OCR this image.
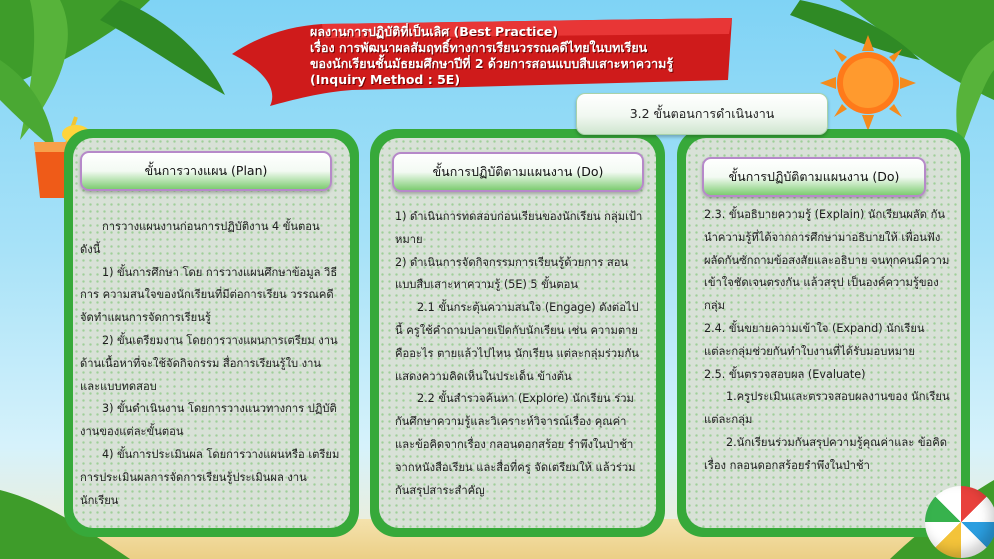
ผลงานการปฏิบัติที่เป็นเลิศ (Best Practice)
เรื่อง การพัฒนาผลสัมฤทธิ์ทางการเรียนวรรณคดีไทยในบทเรียน
ของนักเรียนชั้นมัธยมศึกษาปีที่ 2 ด้วยการสอนแบบสืบเสาะหาความรู้
(Inquiry Method : 5E)

การวางแผนงานก่อนการปฏิบัติงาน 4 ขั้นตอน ดังนี้

1) ขั้นการศึกษา โดย การวางแผนศึกษาข้อมูล วิธีการ ความสนใจของนักเรียนที่มีต่อการเรียน วรรณคดี จัดทำแผนการจัดการเรียนรู้

2) ขั้นเตรียมงาน โดยการวางแผนการเตรียม งานด้านเนื้อหาที่จะใช้จัดกิจกรรม สื่อการเรียนรู้ใบ งาน และแบบทดสอบ

3) ขั้นดำเนินงาน โดยการวางแนวทางการ ปฏิบัติงานของแต่ละขั้นตอน

4) ขั้นการประเมินผล โดยการวางแผนหรือ เตรียมการประเมินผลการจัดการเรียนรู้ประเมินผล งานนักเรียน

ขั้นการวางแผน (Plan)

1) ดำเนินการทดสอบก่อนเรียนของนักเรียน กลุ่มเป้าหมาย

2) ดำเนินการจัดกิจกรรมการเรียนรู้ด้วยการ สอนแบบสืบเสาะหาความรู้ (5E) 5 ขั้นตอน

2.1 ขั้นกระตุ้นความสนใจ (Engage) ดังต่อไปนี้ ครูใช้คำถามปลายเปิดกับนักเรียน เช่น ความตายคืออะไร ตายแล้วไปไหน นักเรียน แต่ละกลุ่มร่วมกันแสดงความคิดเห็นในประเด็น ข้างต้น

2.2 ขั้นสำรวจค้นหา (Explore) นักเรียน ร่วมกันศึกษาความรู้และวิเคราะห์วิจารณ์เรื่อง คุณค่าและข้อคิดจากเรื่อง กลอนดอกสร้อย รำพึงในป่าช้า จากหนังสือเรียน และสื่อที่ครู จัดเตรียมให้ แล้วร่วมกันสรุปสาระสำคัญ

ขั้นการปฏิบัติตามแผนงาน (Do)

2.3. ขั้นอธิบายความรู้ (Explain) นักเรียนผลัด กันนำความรู้ที่ได้จากการศึกษามาอธิบายให้ เพื่อนฟัง ผลัดกันซักถามข้อสงสัยและอธิบาย จนทุกคนมีความเข้าใจชัดเจนตรงกัน แล้วสรุป เป็นองค์ความรู้ของกลุ่ม

2.4. ขั้นขยายความเข้าใจ (Expand) นักเรียน แต่ละกลุ่มช่วยกันทำใบงานที่ได้รับมอบหมาย

2.5. ขั้นตรวจสอบผล (Evaluate)

1.ครูประเมินและตรวจสอบผลงานของ นักเรียนแต่ละกลุ่ม

2.นักเรียนร่วมกันสรุปความรู้คุณค่าและ ข้อคิดเรื่อง กลอนดอกสร้อยรำพึงในป่าช้า

ขั้นการปฏิบัติตามแผนงาน (Do)
3.2 ขั้นตอนการดำเนินงาน
